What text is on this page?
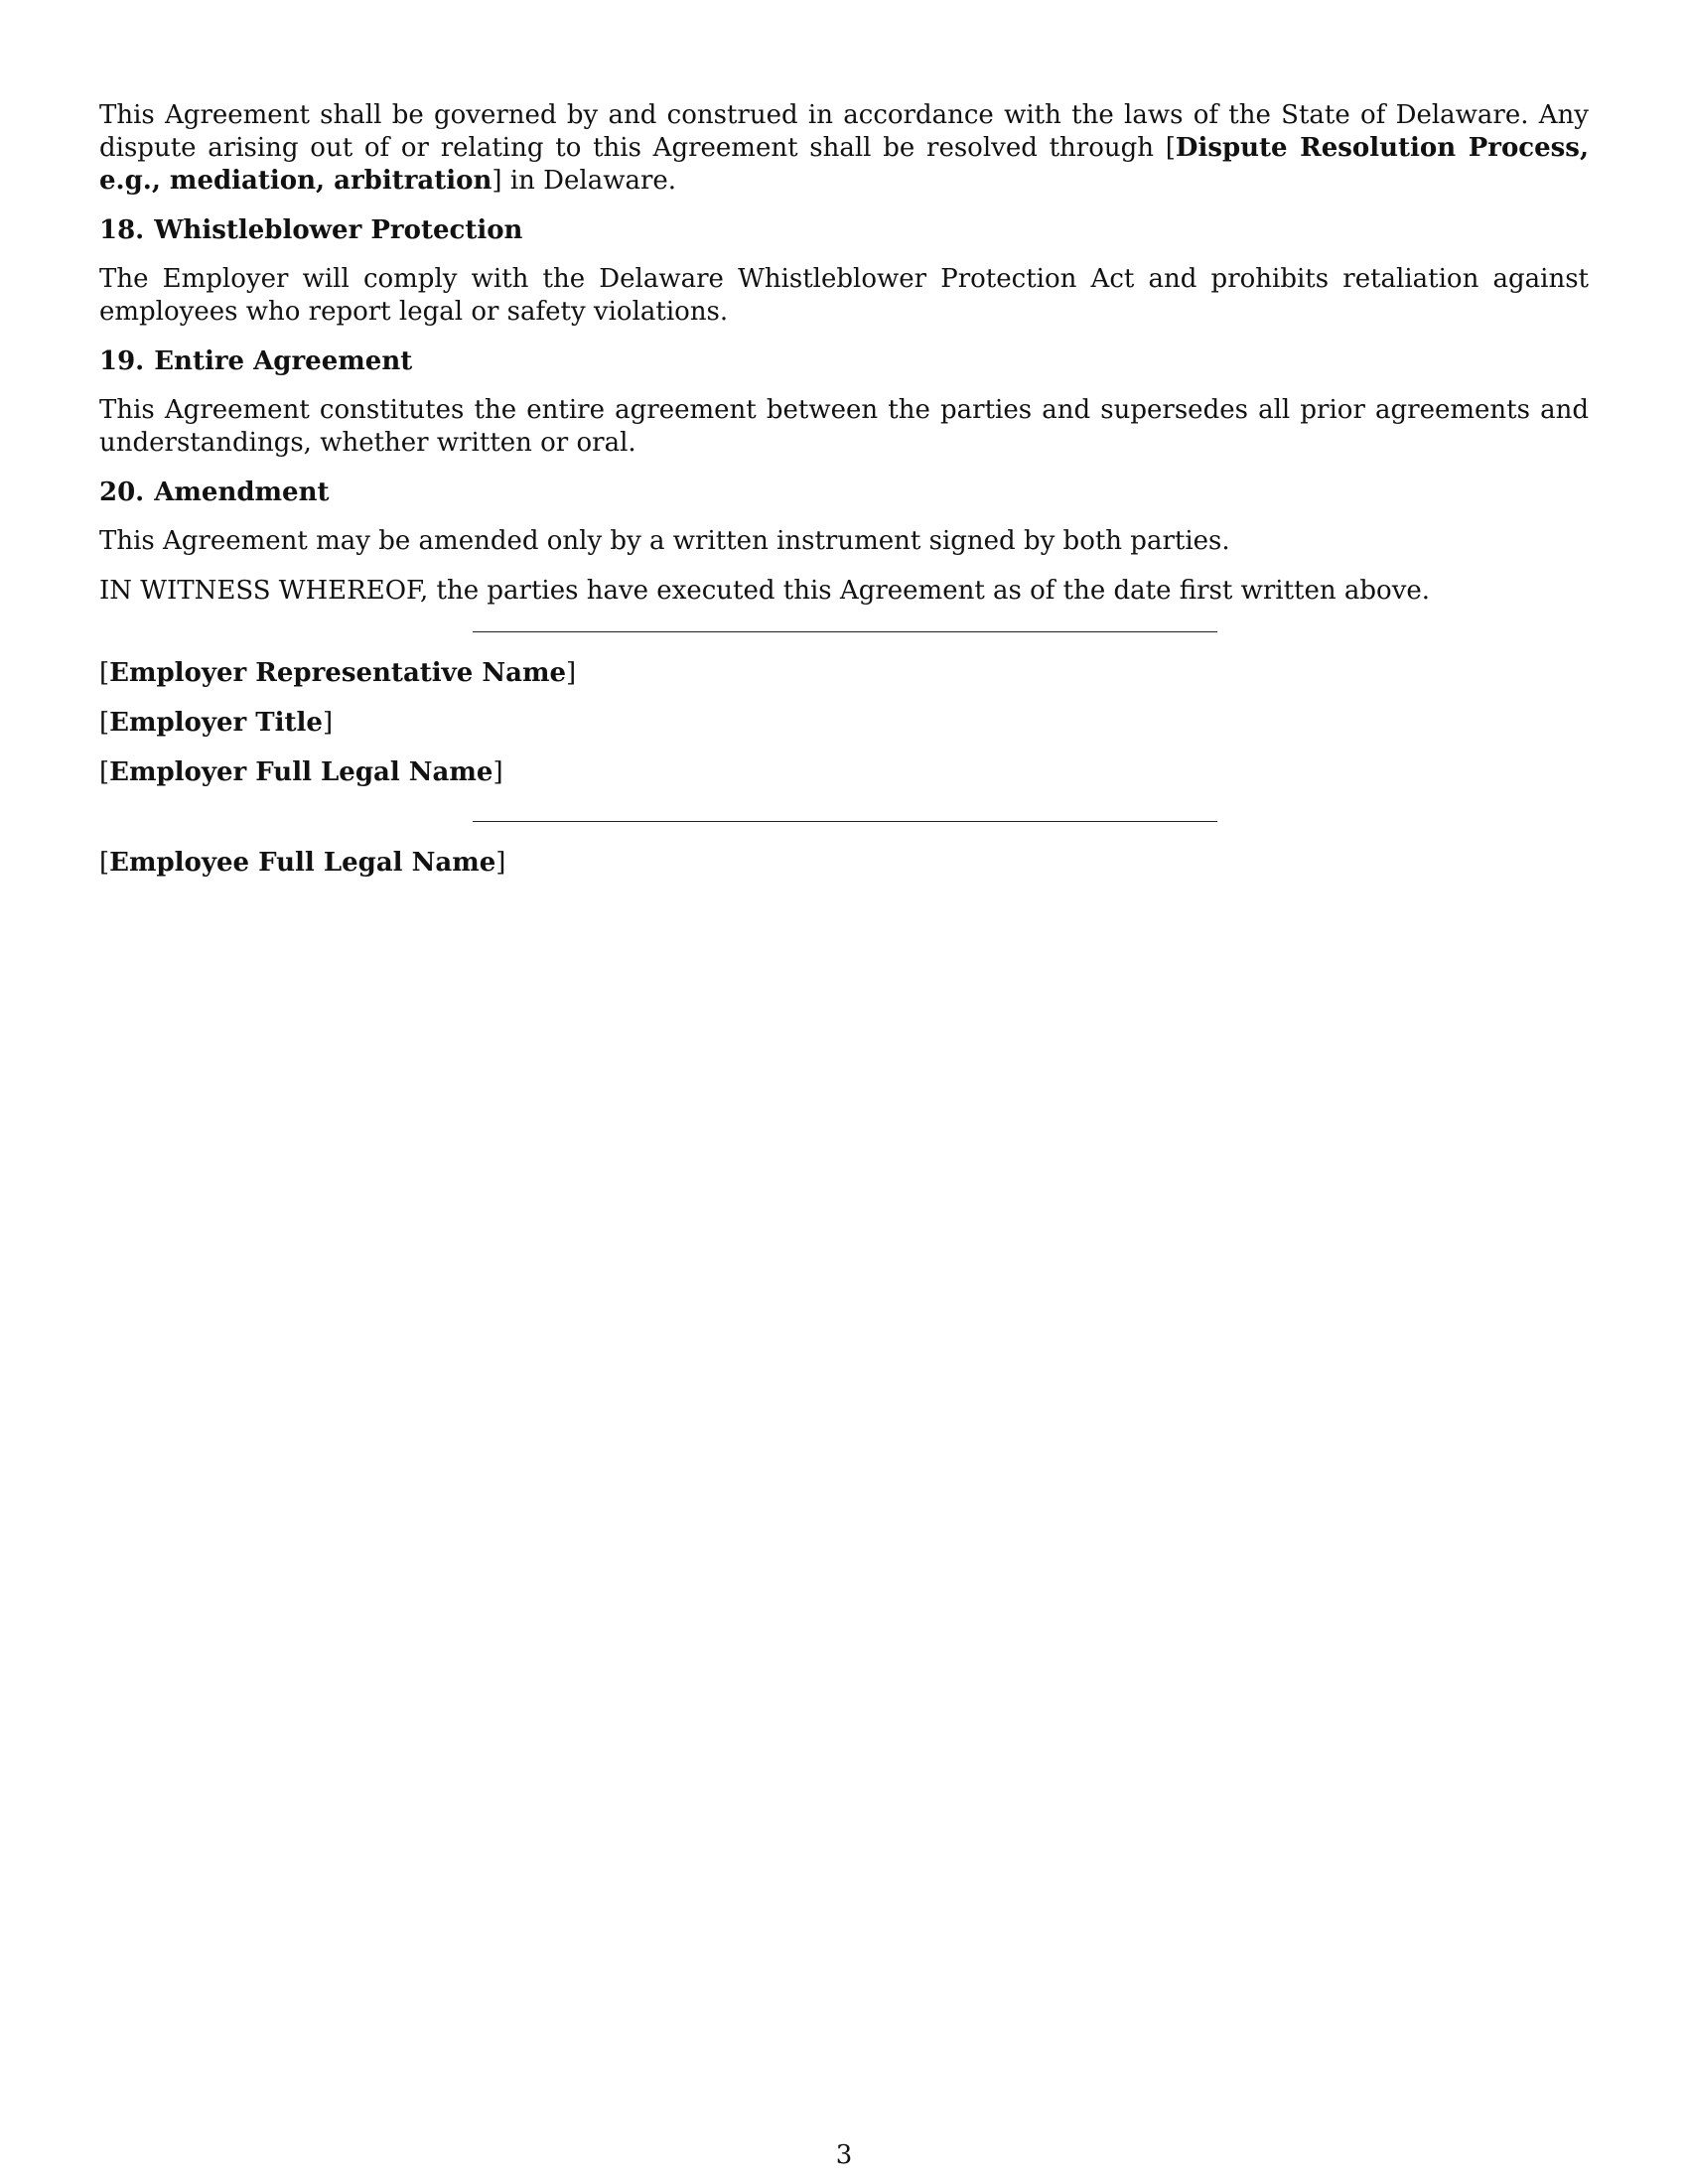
This Agreement shall be governed by and construed in accordance with the laws of the State of Delaware. Any dispute arising out of or relating to this Agreement shall be resolved through [Dispute Resolution Process, e.g., mediation, arbitration] in Delaware.

18. Whistleblower Protection

The Employer will comply with the Delaware Whistleblower Protection Act and prohibits retaliation against employees who report legal or safety violations.

19. Entire Agreement

This Agreement constitutes the entire agreement between the parties and supersedes all prior agreements and understandings, whether written or oral.

20. Amendment

This Agreement may be amended only by a written instrument signed by both parties.

IN WITNESS WHEREOF, the parties have executed this Agreement as of the date first written above.

[Employer Representative Name]

[Employer Title]

[Employer Full Legal Name]

[Employee Full Legal Name]

3
